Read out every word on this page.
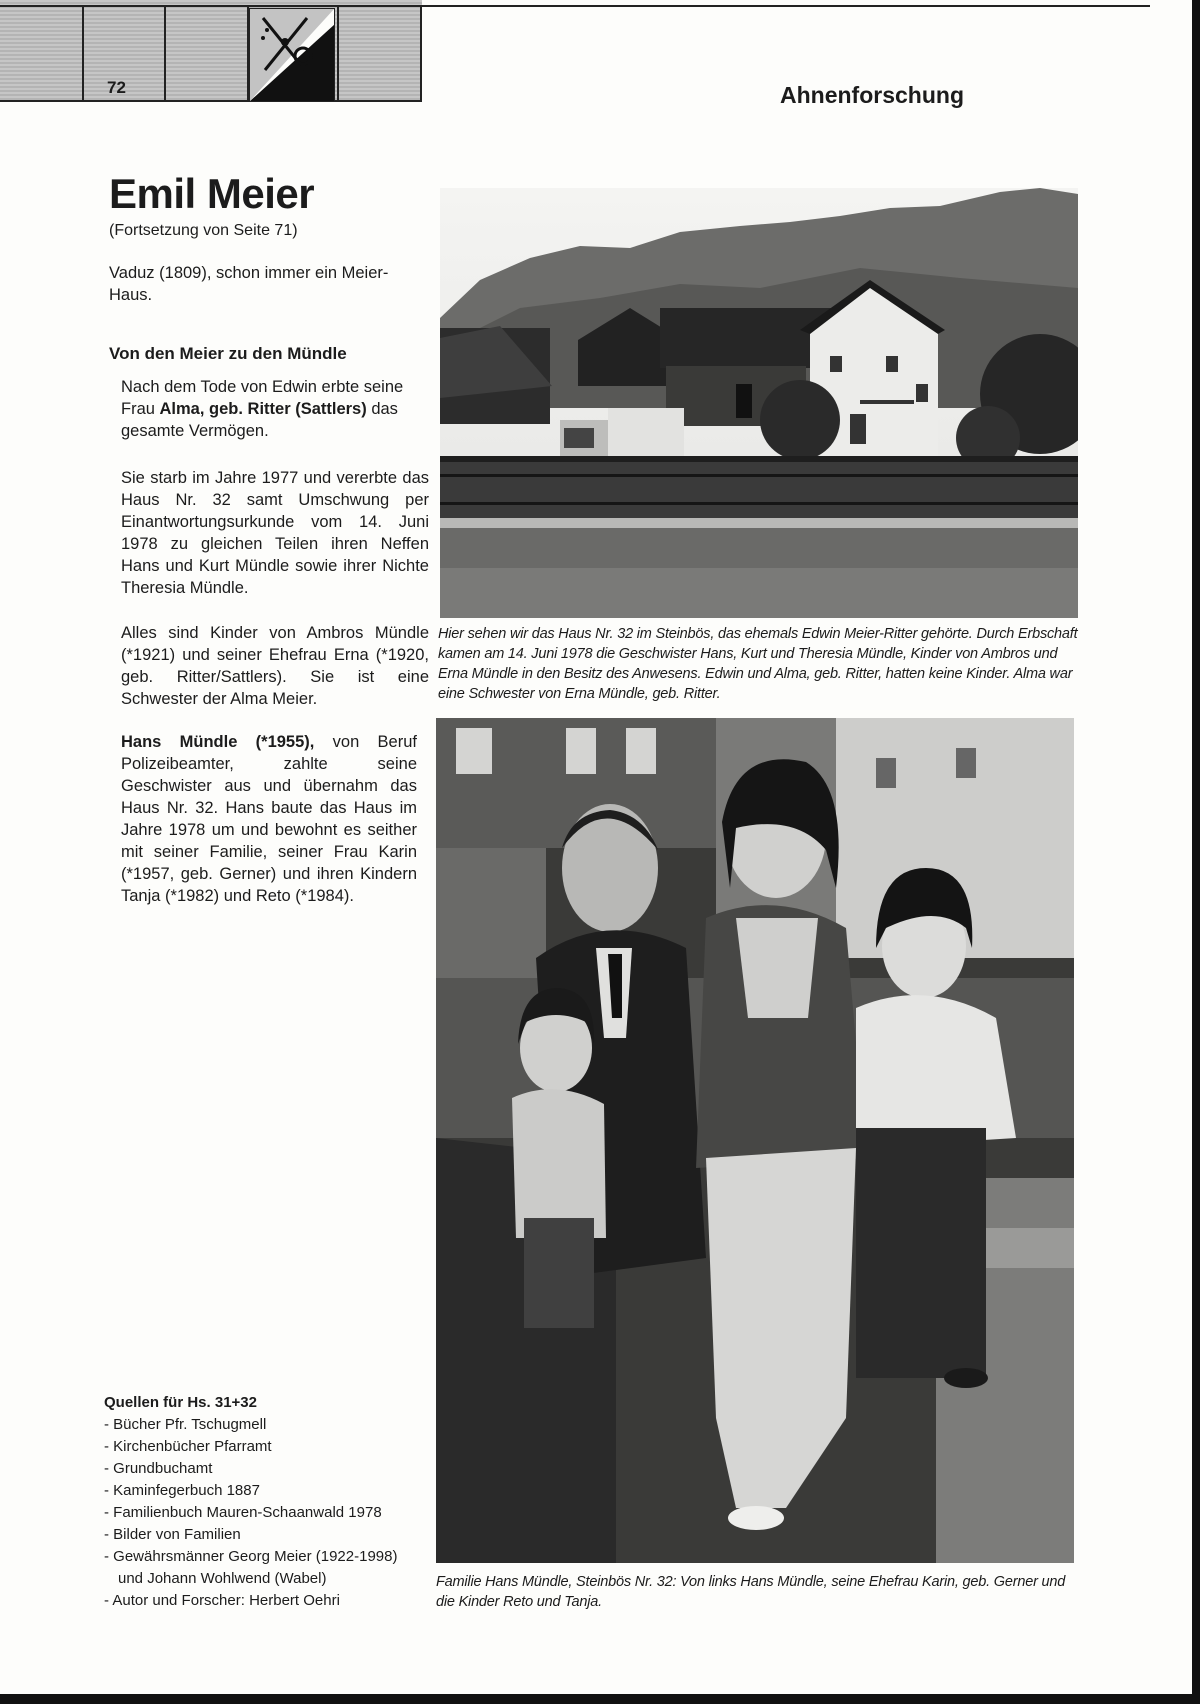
72	Ahnenforschung
Emil Meier
(Fortsetzung von Seite 71)
Vaduz (1809), schon immer ein Meier-Haus.
Von den Meier zu den Mündle

Nach dem Tode von Edwin erbte seine Frau Alma, geb. Ritter (Sattlers) das gesamte Vermögen.

Sie starb im Jahre 1977 und vererbte das Haus Nr. 32 samt Umschwung per Einantwortungsurkunde vom 14. Juni 1978 zu gleichen Teilen ihren Neffen Hans und Kurt Mündle sowie ihrer Nichte Theresia Mündle.
Alles sind Kinder von Ambros Mündle (*1921) und seiner Ehefrau Erna (*1920, geb. Ritter/Sattlers). Sie ist eine Schwester der Alma Meier.

Hans Mündle (*1955), von Beruf Polizeibeamter, zahlte seine Geschwister aus und übernahm das Haus Nr. 32. Hans baute das Haus im Jahre 1978 um und bewohnt es seither mit seiner Familie, seiner Frau Karin (*1957, geb. Gerner) und ihren Kindern Tanja (*1982) und Reto (*1984).

Quellen für Hs. 31+32
- Bücher Pfr. Tschugmell
- Kirchenbücher Pfarramt
- Grundbuchamt
- Kaminfegerbuch 1887
- Familienbuch Mauren-Schaanwald 1978
- Bilder von Familien
- Gewährsmänner Georg Meier (1922-1998) und Johann Wohlwend (Wabel)
- Autor und Forscher: Herbert Oehri
Hier sehen wir das Haus Nr. 32 im Steinbös, das ehemals Edwin Meier-Ritter gehörte. Durch Erbschaft kamen am 14. Juni 1978 die Geschwister Hans, Kurt und Theresia Mündle, Kinder von Ambros und Erna Mündle in den Besitz des Anwesens. Edwin und Alma, geb. Ritter, hatten keine Kinder. Alma war eine Schwester von Erna Mündle, geb. Ritter.
Familie Hans Mündle, Steinbös Nr. 32: Von links Hans Mündle, seine Ehefrau Karin, geb. Gerner und die Kinder Reto und Tanja.
